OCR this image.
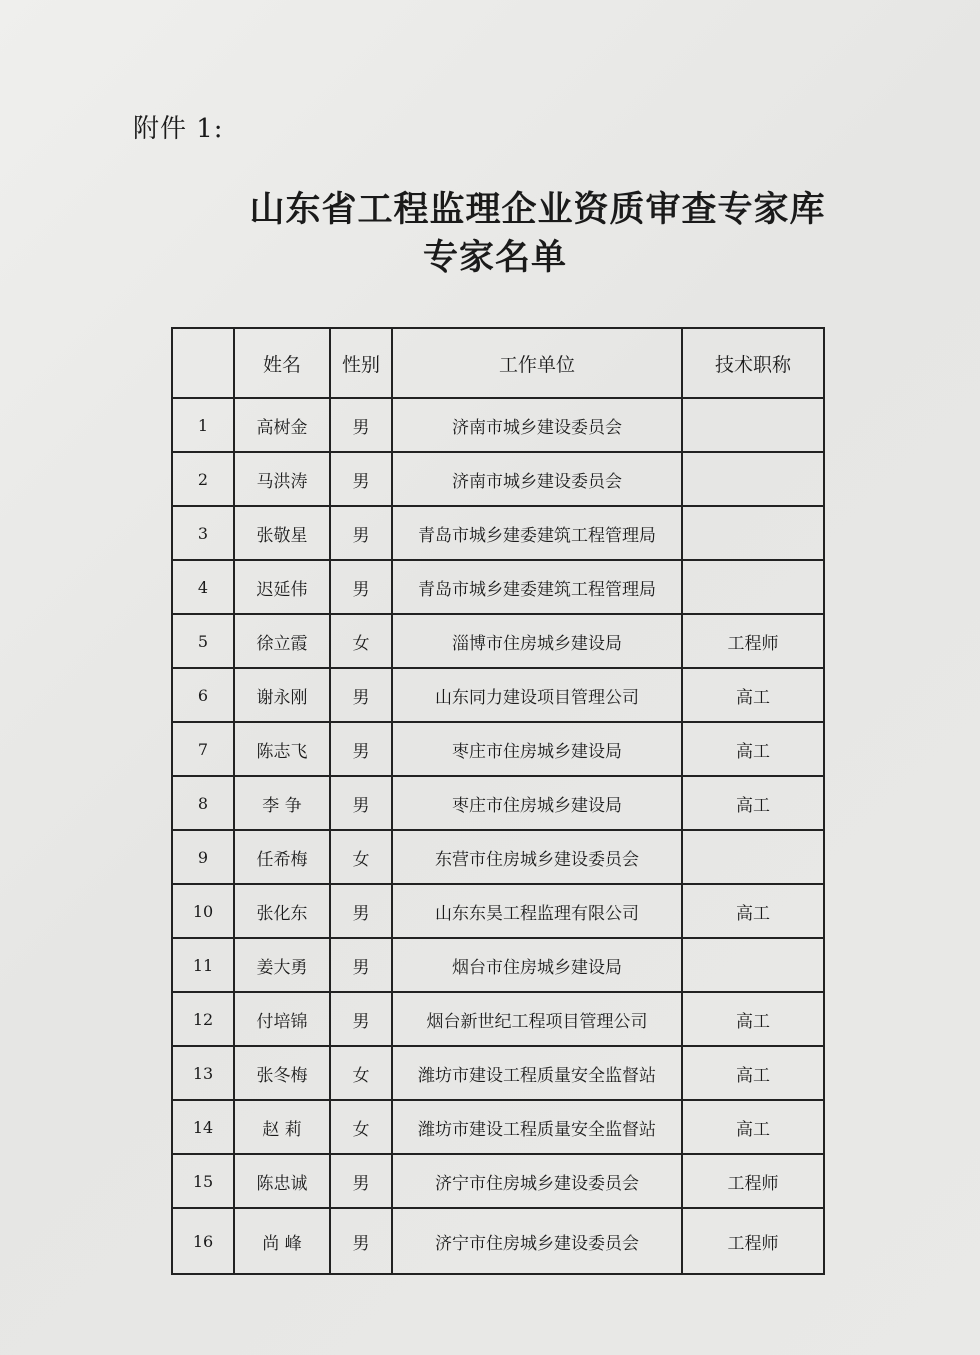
附件 1:
山东省工程监理企业资质审查专家库
专家名单
	姓名	性别	工作单位	技术职称
1	高树金	男	济南市城乡建设委员会	
2	马洪涛	男	济南市城乡建设委员会	
3	张敬星	男	青岛市城乡建委建筑工程管理局	
4	迟延伟	男	青岛市城乡建委建筑工程管理局	
5	徐立霞	女	淄博市住房城乡建设局	工程师
6	谢永刚	男	山东同力建设项目管理公司	高工
7	陈志飞	男	枣庄市住房城乡建设局	高工
8	李 争	男	枣庄市住房城乡建设局	高工
9	任希梅	女	东营市住房城乡建设委员会	
10	张化东	男	山东东昊工程监理有限公司	高工
11	姜大勇	男	烟台市住房城乡建设局	
12	付培锦	男	烟台新世纪工程项目管理公司	高工
13	张冬梅	女	潍坊市建设工程质量安全监督站	高工
14	赵 莉	女	潍坊市建设工程质量安全监督站	高工
15	陈忠诚	男	济宁市住房城乡建设委员会	工程师
16	尚 峰	男	济宁市住房城乡建设委员会	工程师
